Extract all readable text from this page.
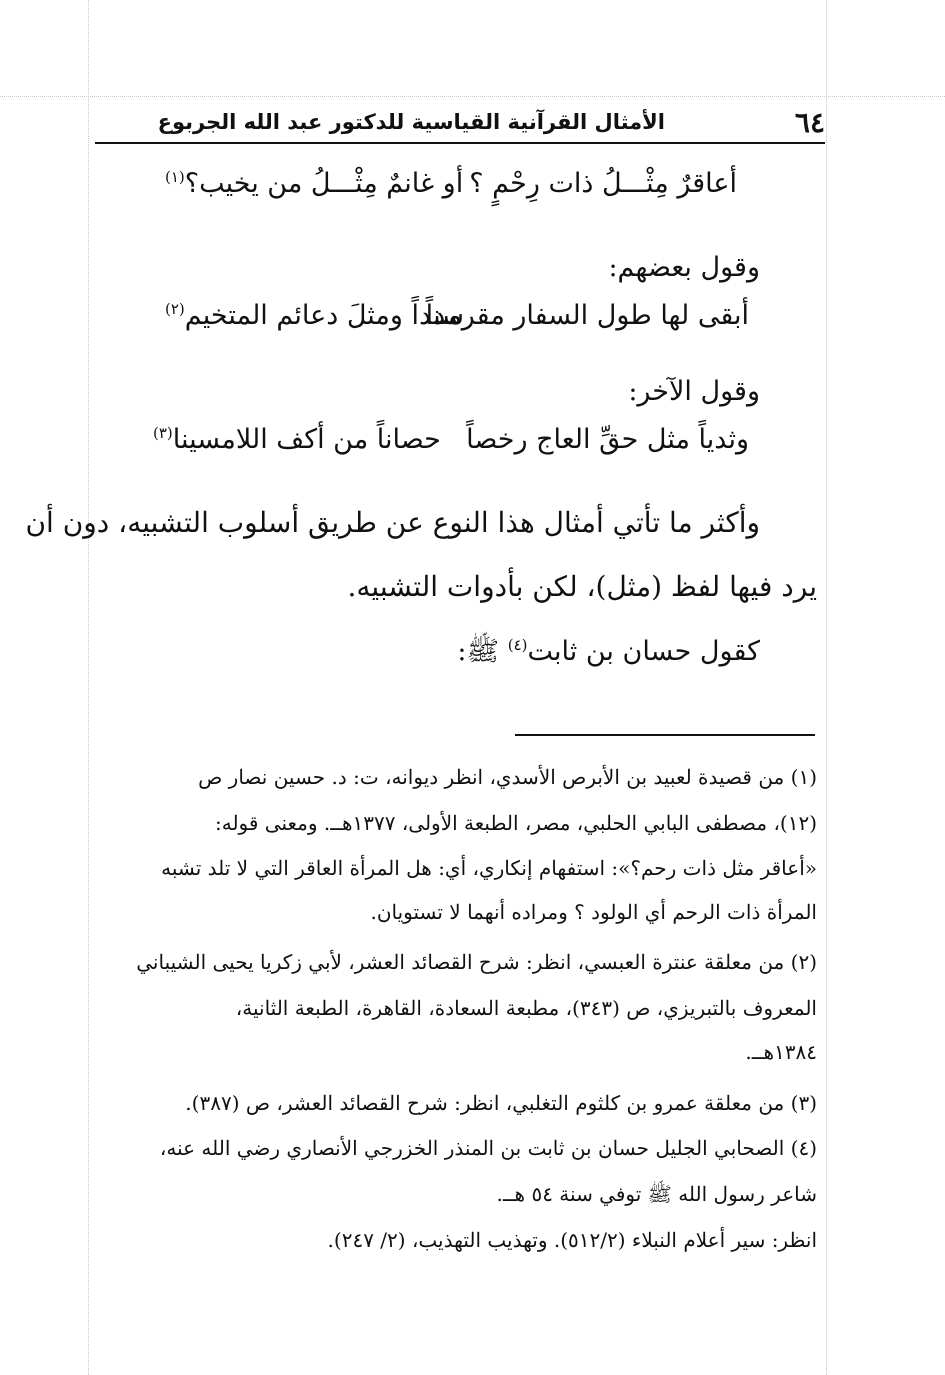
٦٤
الأمثال القرآنية القياسية للدكتور عبد الله الجربوع
أعاقرٌ مِثْـــلُ ذات رِحْمٍ ؟
أو غانمٌ مِثْـــلُ من يخيب؟$^{(١)}$
وقول بعضهم:
أبقى لها طول السفار مقرمداً
سنداً ومثلَ دعائم المتخيم$^{(٢)}$
وقول الآخر:
وثدياً مثل حقِّ العاج رخصاً
حصاناً من أكف اللامسينا$^{(٣)}$
وأكثر ما تأتي أمثال هذا النوع عن طريق أسلوب التشبيه، دون أن
يرد فيها لفظ (مثل)، لكن بأدوات التشبيه.
كقول حسان بن ثابت$^{(٤)}$ ﷺ:
(١) من قصيدة لعبيد بن الأبرص الأسدي، انظر ديوانه، ت: د. حسين نصار ص
(١٢)، مصطفى البابي الحلبي، مصر، الطبعة الأولى، ١٣٧٧هــ. ومعنى قوله:
«أعاقر مثل ذات رحم؟»: استفهام إنكاري، أي: هل المرأة العاقر التي لا تلد تشبه
المرأة ذات الرحم أي الولود ؟ ومراده أنهما لا تستويان.
(٢) من معلقة عنترة العبسي، انظر: شرح القصائد العشر، لأبي زكريا يحيى الشيباني
المعروف بالتبريزي، ص (٣٤٣)، مطبعة السعادة، القاهرة، الطبعة الثانية،
١٣٨٤هــ.
(٣) من معلقة عمرو بن كلثوم التغلبي، انظر: شرح القصائد العشر، ص (٣٨٧).
(٤) الصحابي الجليل حسان بن ثابت بن المنذر الخزرجي الأنصاري رضي الله عنه،
شاعر رسول الله ﷺ توفي سنة ٥٤ هــ.
انظر: سير أعلام النبلاء (٥١٢/٢). وتهذيب التهذيب، (٢/ ٢٤٧).
